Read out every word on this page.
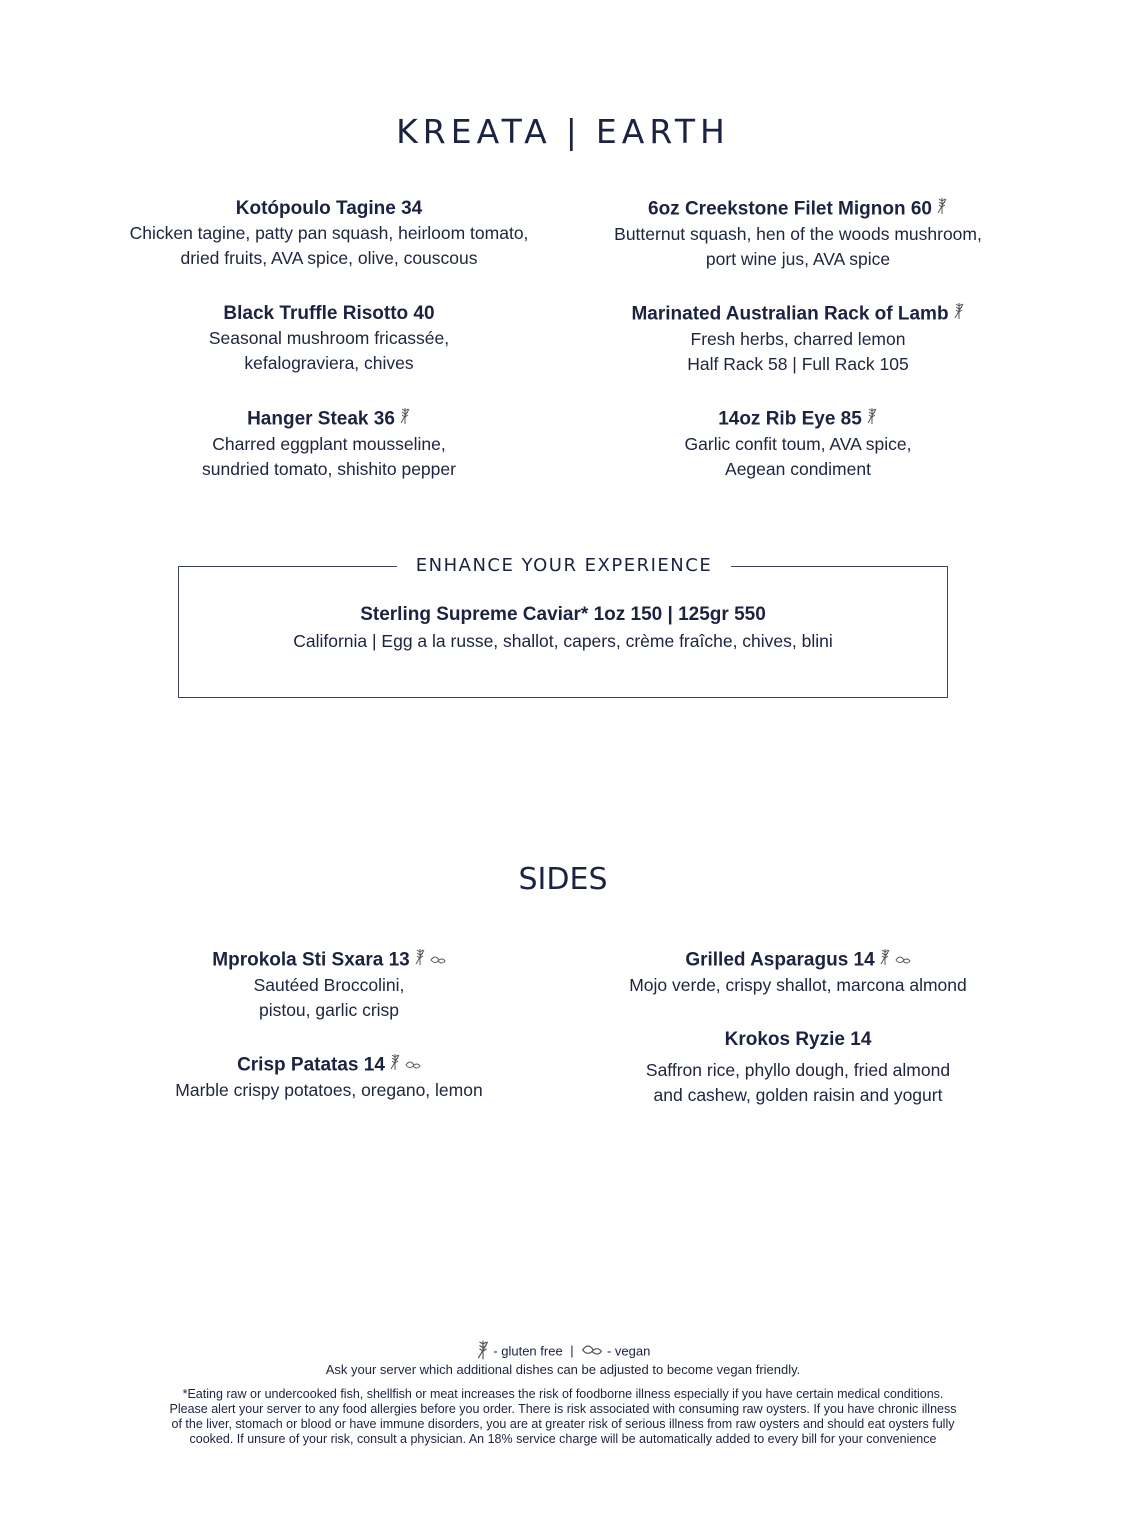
KREATA | EARTH
Kotópoulo Tagine 34
Chicken tagine, patty pan squash, heirloom tomato,
dried fruits, AVA spice, olive, couscous
Black Truffle Risotto 40
Seasonal mushroom fricassée,
kefalograviera, chives
Hanger Steak 36
Charred eggplant mousseline,
sundried tomato, shishito pepper
6oz Creekstone Filet Mignon 60
Butternut squash, hen of the woods mushroom,
port wine jus, AVA spice
Marinated Australian Rack of Lamb
Fresh herbs, charred lemon
Half Rack 58 | Full Rack 105
14oz Rib Eye 85
Garlic confit toum, AVA spice,
Aegean condiment
ENHANCE YOUR EXPERIENCE
Sterling Supreme Caviar* 1oz 150 | 125gr 550
California | Egg a la russe, shallot, capers, crème fraîche, chives, blini
SIDES
Mprokola Sti Sxara 13
Sautéed Broccolini,
pistou, garlic crisp
Crisp Patatas 14
Marble crispy potatoes, oregano, lemon
Grilled Asparagus 14
Mojo verde, crispy shallot, marcona almond
Krokos Ryzie 14
Saffron rice, phyllo dough, fried almond
and cashew, golden raisin and yogurt
- gluten free |	- vegan
Ask your server which additional dishes can be adjusted to become vegan friendly.
*Eating raw or undercooked fish, shellfish or meat increases the risk of foodborne illness especially if you have certain medical conditions.
Please alert your server to any food allergies before you order. There is risk associated with consuming raw oysters. If you have chronic illness
of the liver, stomach or blood or have immune disorders, you are at greater risk of serious illness from raw oysters and should eat oysters fully
cooked. If unsure of your risk, consult a physician. An 18% service charge will be automatically added to every bill for your convenience
